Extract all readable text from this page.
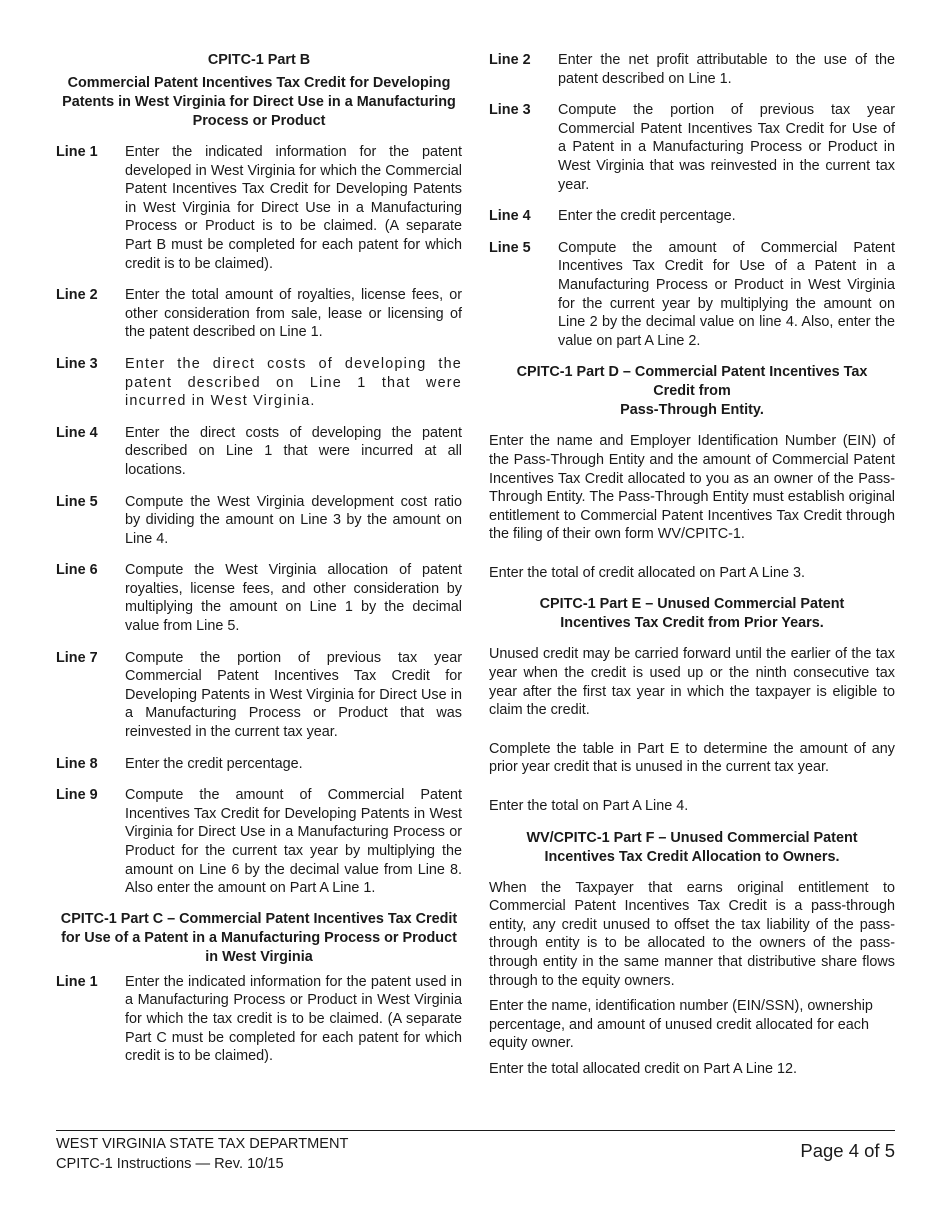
CPITC-1 Part B
Commercial Patent Incentives Tax Credit for Developing Patents in West Virginia for Direct Use in a Manufacturing Process or Product
Line 1	Enter the indicated information for the patent developed in West Virginia for which the Commercial Patent Incentives Tax Credit for Developing Patents in West Virginia for Direct Use in a Manufacturing Process or Product is to be claimed. (A separate Part B must be completed for each patent for which credit is to be claimed).
Line 2	Enter the total amount of royalties, license fees, or other consideration from sale, lease or licensing of the patent described on Line 1.
Line 3	Enter the direct costs of developing the patent described on Line 1 that were incurred in West Virginia.
Line 4	Enter the direct costs of developing the patent described on Line 1 that were incurred at all locations.
Line 5	Compute the West Virginia development cost ratio by dividing the amount on Line 3 by the amount on Line 4.
Line 6	Compute the West Virginia allocation of patent royalties, license fees, and other consideration by multiplying the amount on Line 1 by the decimal value from Line 5.
Line 7	Compute the portion of previous tax year Commercial Patent Incentives Tax Credit for Developing Patents in West Virginia for Direct Use in a Manufacturing Process or Product that was reinvested in the current tax year.
Line 8	Enter the credit percentage.
Line 9	Compute the amount of Commercial Patent Incentives Tax Credit for Developing Patents in West Virginia for Direct Use in a Manufacturing Process or Product for the current tax year by multiplying the amount on Line 6 by the decimal value from Line 8. Also enter the amount on Part A Line 1.
CPITC-1 Part C – Commercial Patent Incentives Tax Credit for Use of a Patent in a Manufacturing Process or Product in West Virginia
Line 1	Enter the indicated information for the patent used in a Manufacturing Process or Product in West Virginia for which the tax credit is to be claimed. (A separate Part C must be completed for each patent for which credit is to be claimed).
Line 2	Enter the net profit attributable to the use of the patent described on Line 1.
Line 3	Compute the portion of previous tax year Commercial Patent Incentives Tax Credit for Use of a Patent in a Manufacturing Process or Product in West Virginia that was reinvested in the current tax year.
Line 4	Enter the credit percentage.
Line 5	Compute the amount of Commercial Patent Incentives Tax Credit for Use of a Patent in a Manufacturing Process or Product in West Virginia for the current year by multiplying the amount on Line 2 by the decimal value on line 4. Also, enter the value on part A Line 2.
CPITC-1 Part D – Commercial Patent Incentives Tax Credit from
Pass-Through Entity.

Enter the name and Employer Identification Number (EIN) of the Pass-Through Entity and the amount of Commercial Patent Incentives Tax Credit allocated to you as an owner of the Pass-Through Entity. The Pass-Through Entity must establish original entitlement to Commercial Patent Incentives Tax Credit through the filing of their own form WV/CPITC-1.

Enter the total of credit allocated on Part A Line 3.

CPITC-1 Part E – Unused Commercial Patent Incentives Tax Credit from Prior Years.

Unused credit may be carried forward until the earlier of the tax year when the credit is used up or the ninth consecutive tax year after the first tax year in which the taxpayer is eligible to claim the credit.

Complete the table in Part E to determine the amount of any prior year credit that is unused in the current tax year.

Enter the total on Part A Line 4.

WV/CPITC-1 Part F – Unused Commercial Patent Incentives Tax Credit Allocation to Owners.

When the Taxpayer that earns original entitlement to Commercial Patent Incentives Tax Credit is a pass-through entity, any credit unused to offset the tax liability of the pass-through entity is to be allocated to the owners of the pass-through entity in the same manner that distributive share flows through to the equity owners.

Enter the name, identification number (EIN/SSN), ownership percentage, and amount of unused credit allocated for each equity owner.

Enter the total allocated credit on Part A Line 12.

WEST VIRGINIA STATE TAX DEPARTMENT
CPITC-1 Instructions — Rev. 10/15
Page 4 of 5
